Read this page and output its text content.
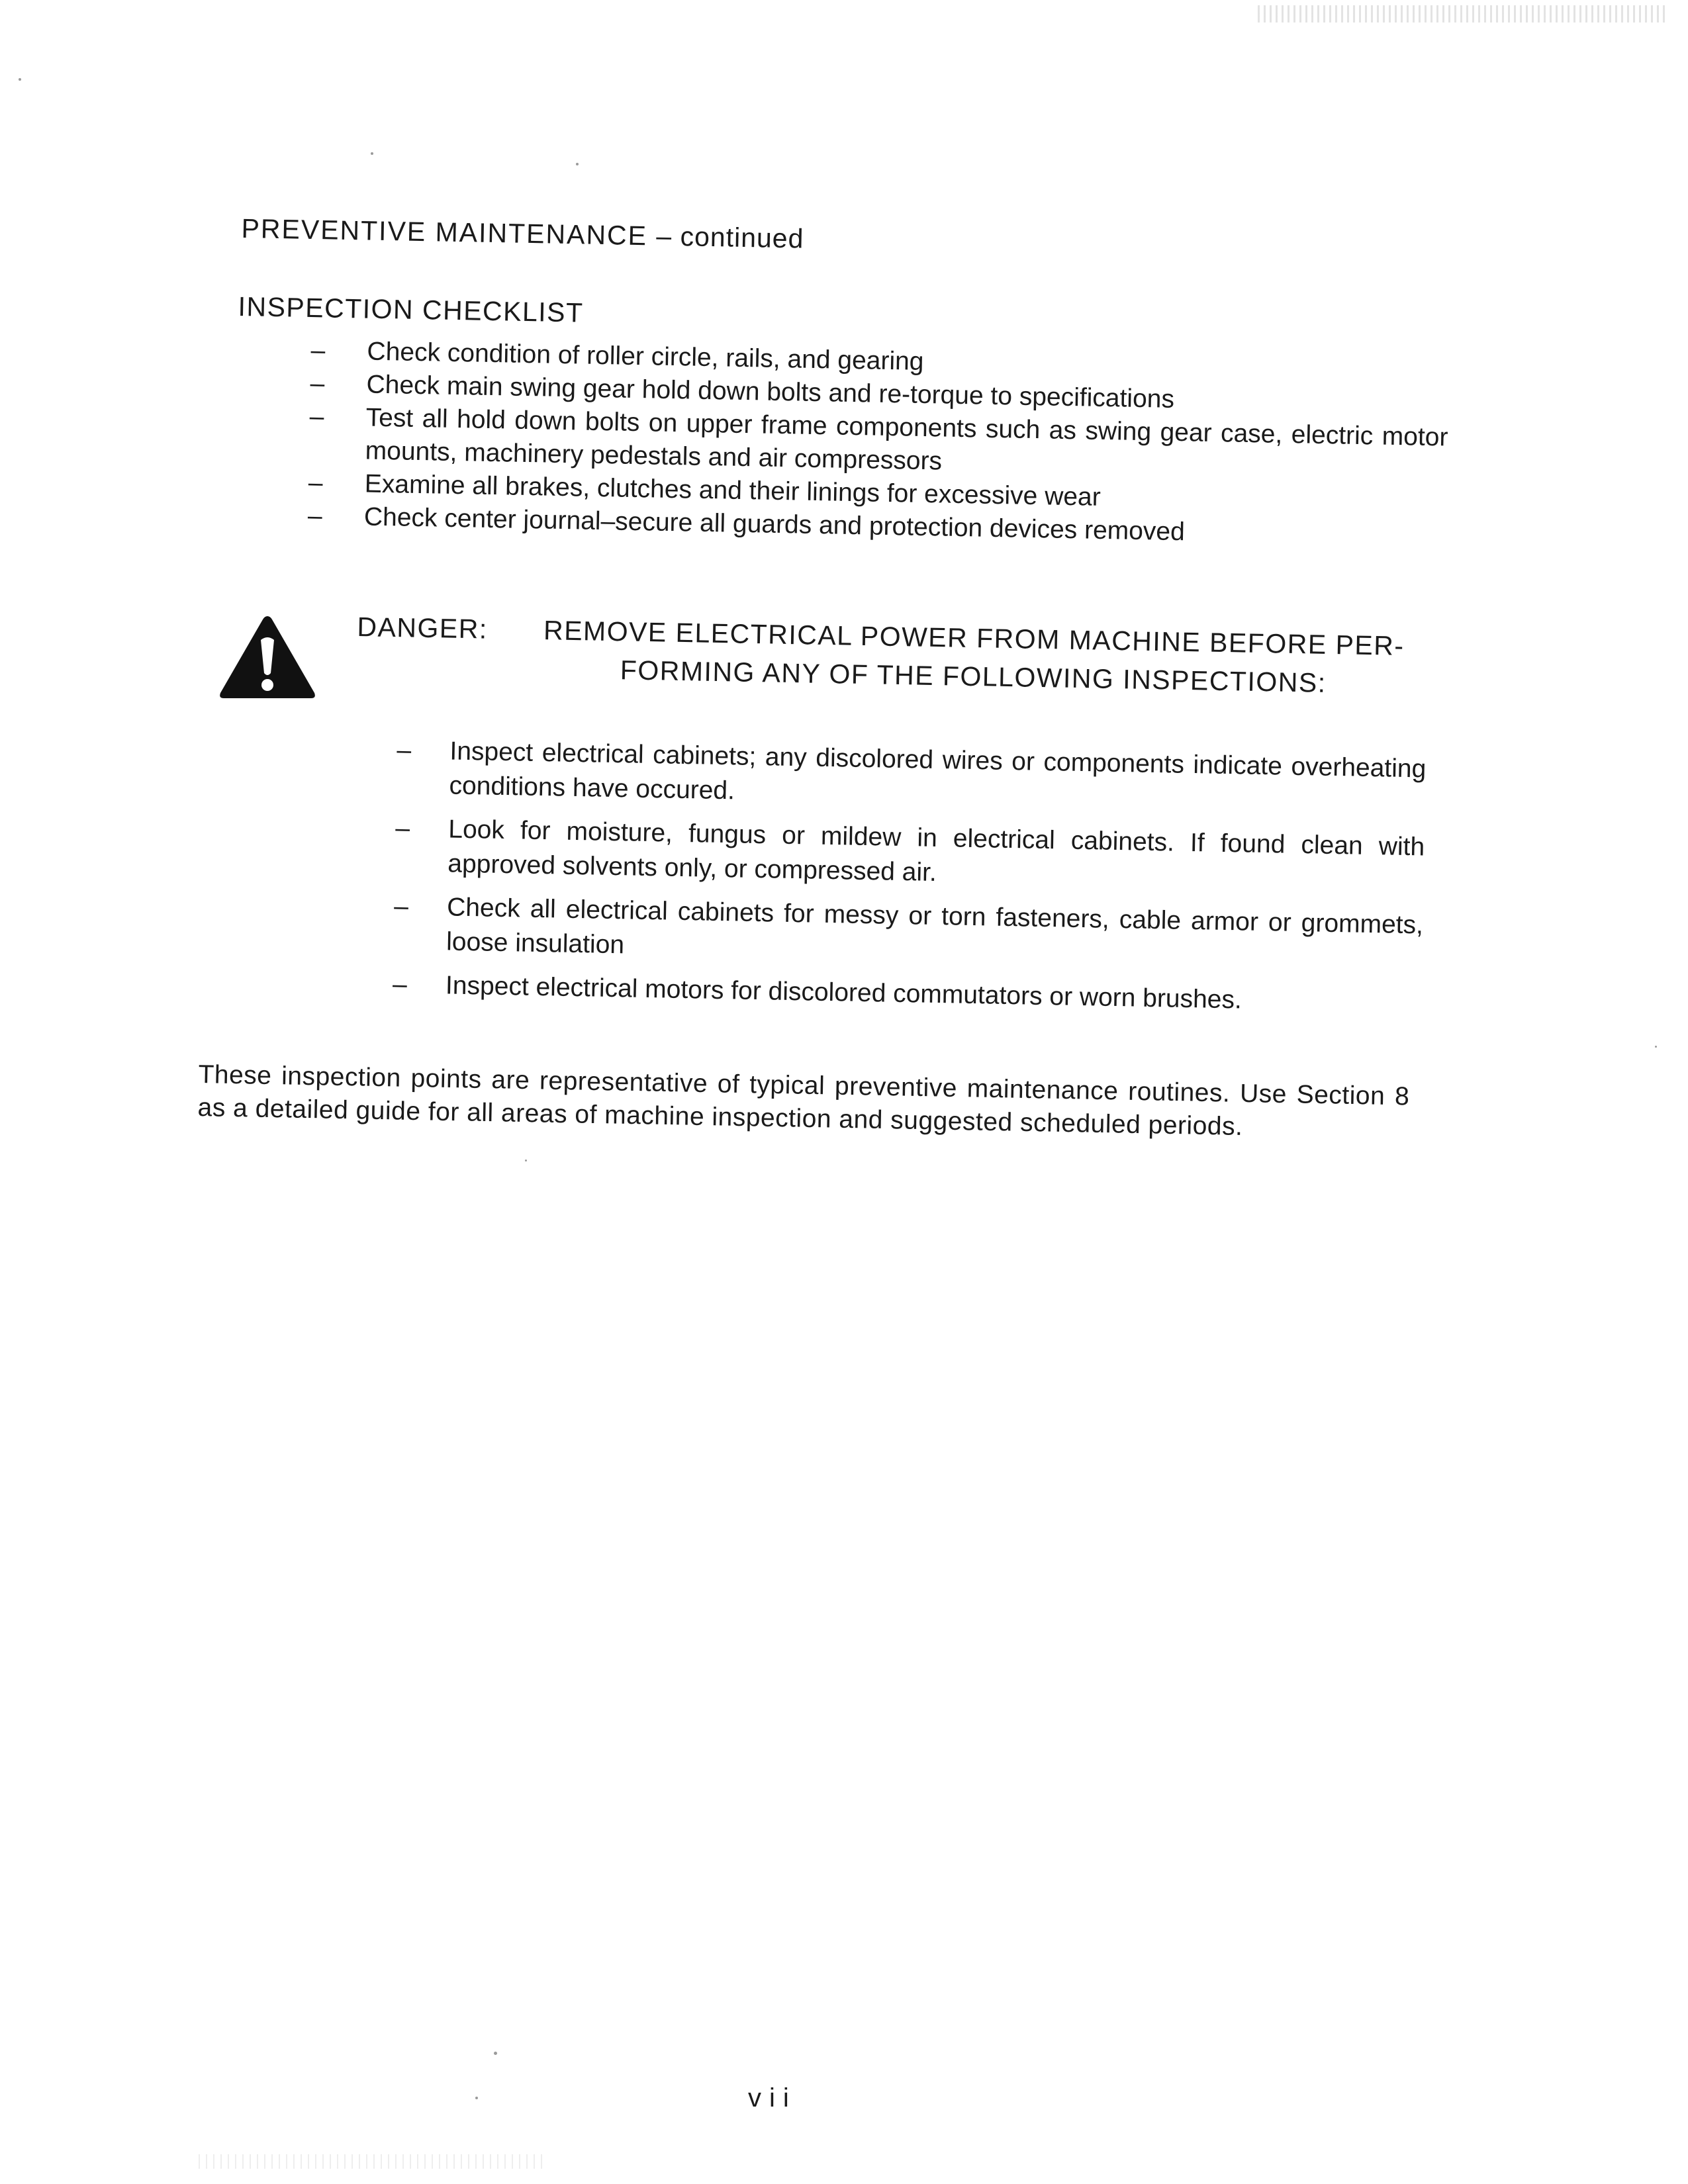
PREVENTIVE MAINTENANCE – continued
INSPECTION CHECKLIST

– Check condition of roller circle, rails, and gearing

– Check main swing gear hold down bolts and re-torque to specifications

– Test all hold down bolts on upper frame components such as swing gear case, electric motor mounts, machinery pedestals and air compressors

– Examine all brakes, clutches and their linings for excessive wear

– Check center journal–secure all guards and protection devices removed

DANGER:	REMOVE ELECTRICAL POWER FROM MACHINE BEFORE PER-
FORMING ANY OF THE FOLLOWING INSPECTIONS:

– Inspect electrical cabinets; any discolored wires or components indicate overheating conditions have occured.

– Look for moisture, fungus or mildew in electrical cabinets. If found clean with approved solvents only, or compressed air.

– Check all electrical cabinets for messy or torn fasteners, cable armor or grommets, loose insulation

– Inspect electrical motors for discolored commutators or worn brushes.

These inspection points are representative of typical preventive maintenance routines. Use Section 8 as a detailed guide for all areas of machine inspection and suggested scheduled periods.

vii
